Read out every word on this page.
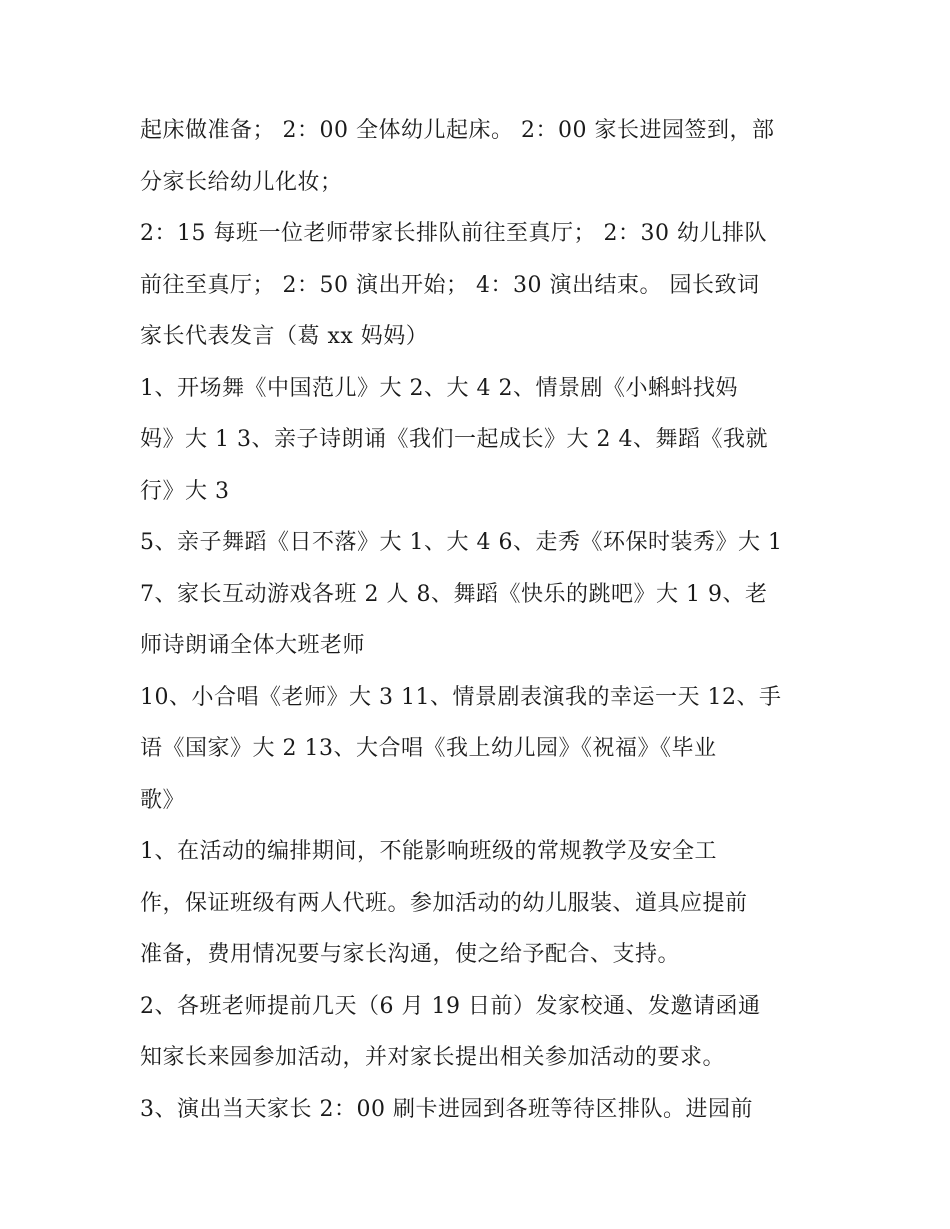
起床做准备； 2：00 全体幼儿起床。 2：00 家长进园签到，部
分家长给幼儿化妆；
2：15 每班一位老师带家长排队前往至真厅； 2：30 幼儿排队
前往至真厅； 2：50 演出开始； 4：30 演出结束。 园长致词
家长代表发言（葛 xx 妈妈）
1、开场舞《中国范儿》大 2、大 4 2、情景剧《小蝌蚪找妈
妈》大 1 3、亲子诗朗诵《我们一起成长》大 2 4、舞蹈《我就
行》大 3
5、亲子舞蹈《日不落》大 1、大 4 6、走秀《环保时装秀》大 1
7、家长互动游戏各班 2 人 8、舞蹈《快乐的跳吧》大 1 9、老
师诗朗诵全体大班老师
10、小合唱《老师》大 3 11、情景剧表演我的幸运一天 12、手
语《国家》大 2 13、大合唱《我上幼儿园》《祝福》《毕业
歌》
1、在活动的编排期间，不能影响班级的常规教学及安全工
作，保证班级有两人代班。参加活动的幼儿服装、道具应提前
准备，费用情况要与家长沟通，使之给予配合、支持。
2、各班老师提前几天（6 月 19 日前）发家校通、发邀请函通
知家长来园参加活动，并对家长提出相关参加活动的要求。
3、演出当天家长 2：00 刷卡进园到各班等待区排队。进园前
